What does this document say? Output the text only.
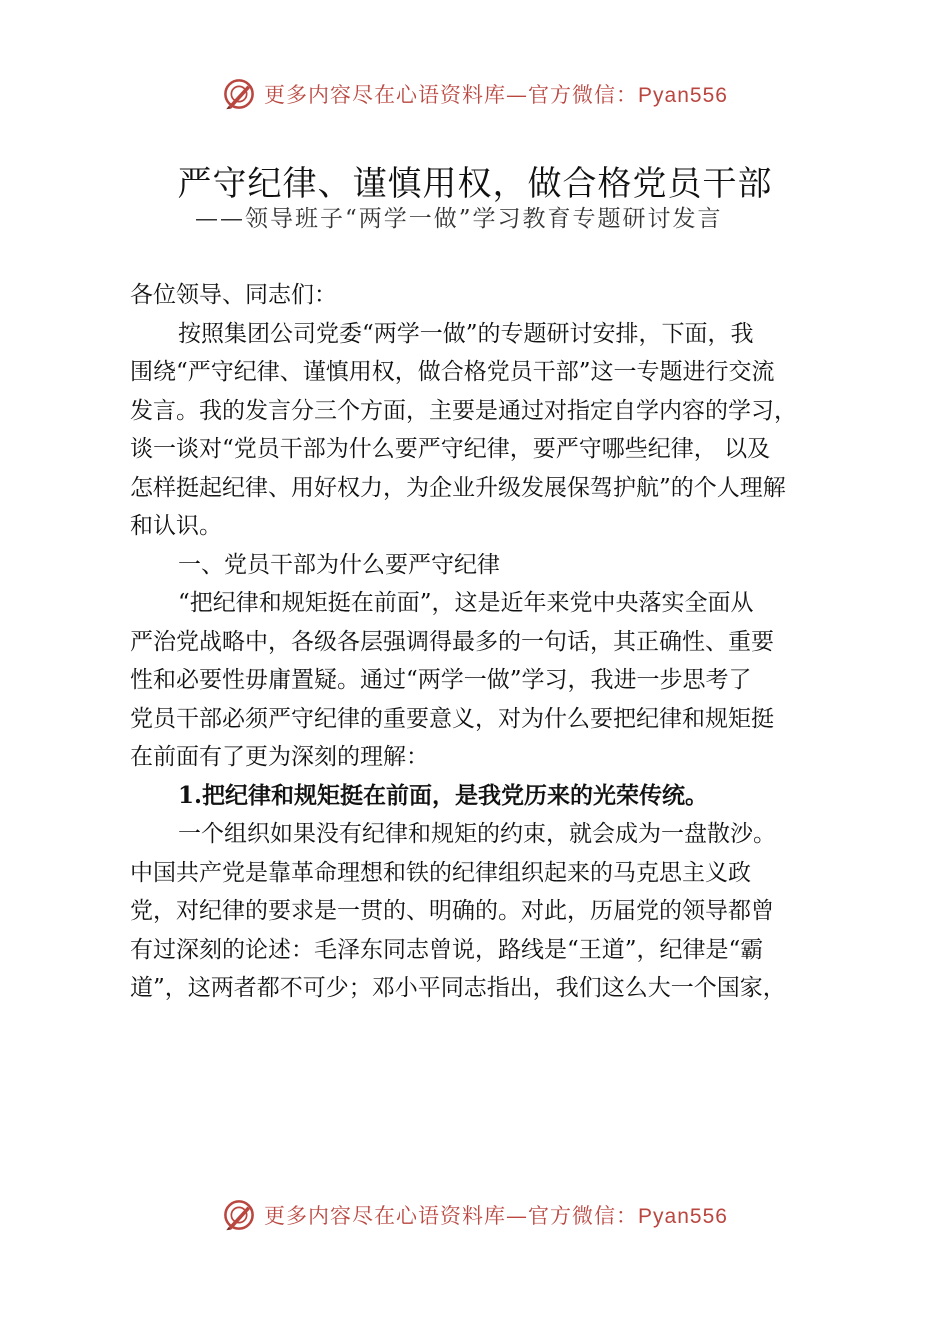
更多内容尽在心语资料库—官方微信：Pyan556
严守纪律、谨慎用权，做合格党员干部
——领导班子“两学一做”学习教育专题研讨发言

各位领导、同志们：

按照集团公司党委“两学一做”的专题研讨安排，下面，我

围绕“严守纪律、谨慎用权，做合格党员干部”这一专题进行交流

发言。我的发言分三个方面，主要是通过对指定自学内容的学习，

谈一谈对“党员干部为什么要严守纪律，要严守哪些纪律， 以及

怎样挺起纪律、用好权力，为企业升级发展保驾护航”的个人理解

和认识。

一、党员干部为什么要严守纪律

“把纪律和规矩挺在前面”，这是近年来党中央落实全面从

严治党战略中，各级各层强调得最多的一句话，其正确性、重要

性和必要性毋庸置疑。通过“两学一做”学习，我进一步思考了

党员干部必须严守纪律的重要意义，对为什么要把纪律和规矩挺

在前面有了更为深刻的理解：

1.把纪律和规矩挺在前面，是我党历来的光荣传统。

一个组织如果没有纪律和规矩的约束，就会成为一盘散沙。

中国共产党是靠革命理想和铁的纪律组织起来的马克思主义政

党，对纪律的要求是一贯的、明确的。对此，历届党的领导都曾

有过深刻的论述：毛泽东同志曾说，路线是“王道”，纪律是“霸

道”，这两者都不可少；邓小平同志指出，我们这么大一个国家，

更多内容尽在心语资料库—官方微信：Pyan556
